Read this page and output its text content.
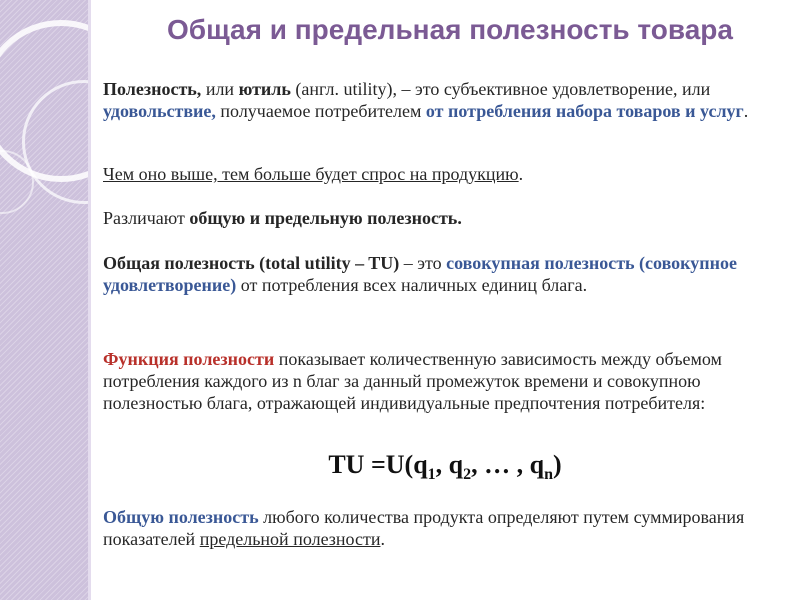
Общая и предельная полезность товара

Полезность, или ютиль (англ. utility), – это субъективное удовлетворение, или удовольствие, получаемое потребителем от потребления набора товаров и услуг.

Чем оно выше, тем больше будет спрос на продукцию.

Различают общую и предельную полезность.

Общая полезность (total utility – TU) – это совокупная полезность (совокупное удовлетворение) от потребления всех наличных единиц блага.

Функция полезности показывает количественную зависимость между объемом потребления каждого из n благ за данный промежуток времени и совокупною полезностью блага, отражающей индивидуальные предпочтения потребителя:

TU $=U(q_1$, $q_2$, … , $q_n$)

Общую полезность любого количества продукта определяют путем суммирования показателей предельной полезности.
